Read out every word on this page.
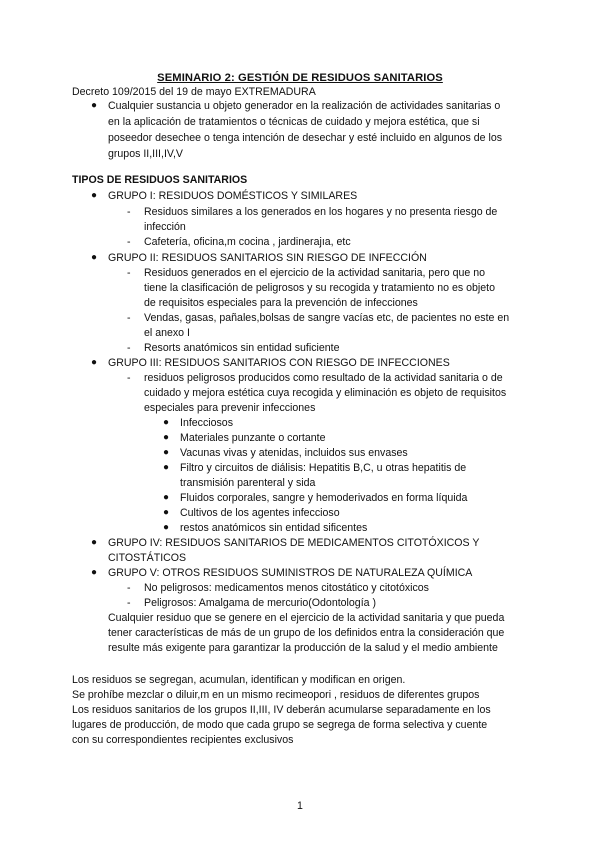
SEMINARIO 2: GESTIÓN DE RESIDUOS SANITARIOS
Decreto 109/2015 del 19 de mayo EXTREMADURA
● Cualquier sustancia u objeto generador en la realización de actividades sanitarias o
en la aplicación de tratamientos o técnicas de cuidado y mejora estética, que si
poseedor desechee o tenga intención de desechar y esté incluido en algunos de los
grupos II,III,IV,V
TIPOS DE RESIDUOS SANITARIOS
● GRUPO I: RESIDUOS DOMÉSTICOS Y SIMILARES
- Residuos similares a los generados en los hogares y no presenta riesgo de
infección
- Cafetería, oficina,m cocina , jardinerajıa, etc
● GRUPO II: RESIDUOS SANITARIOS SIN RIESGO DE INFECCIÓN
- Residuos generados en el ejercicio de la actividad sanitaria, pero que no
tiene la clasificación de peligrosos y su recogida y tratamiento no es objeto
de requisitos especiales para la prevención de infecciones
- Vendas, gasas, pañales,bolsas de sangre vacías etc, de pacientes no este en
el anexo I
- Resorts anatómicos sin entidad suficiente
● GRUPO III: RESIDUOS SANITARIOS CON RIESGO DE INFECCIONES
- residuos peligrosos producidos como resultado de la actividad sanitaria o de
cuidado y mejora estética cuya recogida y eliminación es objeto de requisitos
especiales para prevenir infecciones
● Infecciosos
● Materiales punzante o cortante
● Vacunas vivas y atenidas, incluidos sus envases
● Filtro y circuitos de diálisis: Hepatitis B,C, u otras hepatitis de
transmisión parenteral y sida
● Fluidos corporales, sangre y hemoderivados en forma líquida
● Cultivos de los agentes infeccioso
● restos anatómicos sin entidad sificentes
● GRUPO IV: RESIDUOS SANITARIOS DE MEDICAMENTOS CITOTÓXICOS Y
CITOSTÁTICOS
● GRUPO V: OTROS RESIDUOS SUMINISTROS DE NATURALEZA QUÍMICA
- No peligrosos: medicamentos menos citostático y citotóxicos
- Peligrosos: Amalgama de mercurio(Odontología )
Cualquier residuo que se genere en el ejercicio de la actividad sanitaria y que pueda
tener características de más de un grupo de los definidos entra la consideración que
resulte más exigente para garantizar la producción de la salud y el medio ambiente
Los residuos se segregan, acumulan, identifican y modifican en origen.
Se prohíbe mezclar o diluir,m en un mismo recimeopori , residuos de diferentes grupos
Los residuos sanitarios de los grupos II,III, IV deberán acumularse separadamente en los
lugares de producción, de modo que cada grupo se segrega de forma selectiva y cuente
con su correspondientes recipientes exclusivos
1
